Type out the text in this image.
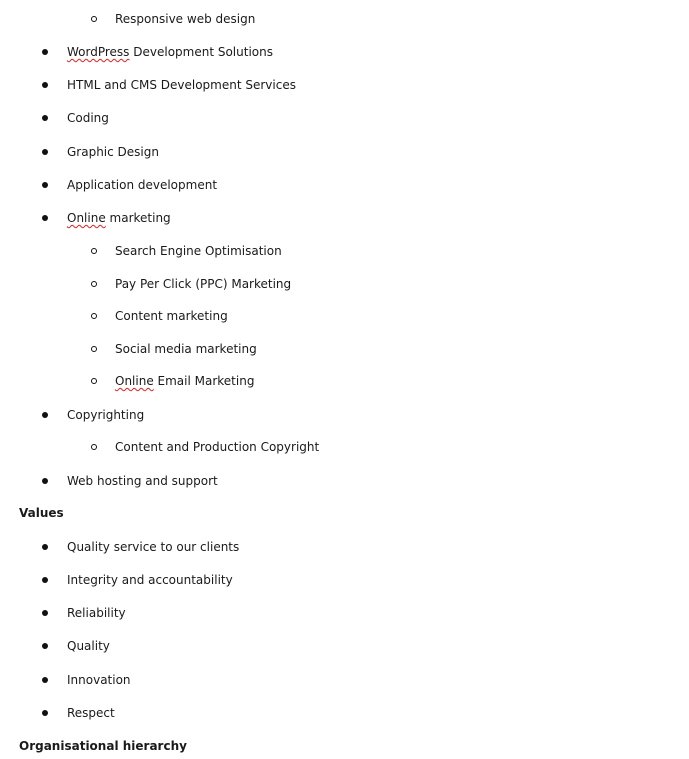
Responsive web design
WordPress Development Solutions
HTML and CMS Development Services
Coding
Graphic Design
Application development
Online marketing
Search Engine Optimisation
Pay Per Click (PPC) Marketing
Content marketing
Social media marketing
Online Email Marketing
Copyrighting
Content and Production Copyright
Web hosting and support
Values
Quality service to our clients
Integrity and accountability
Reliability
Quality
Innovation
Respect
Organisational hierarchy
